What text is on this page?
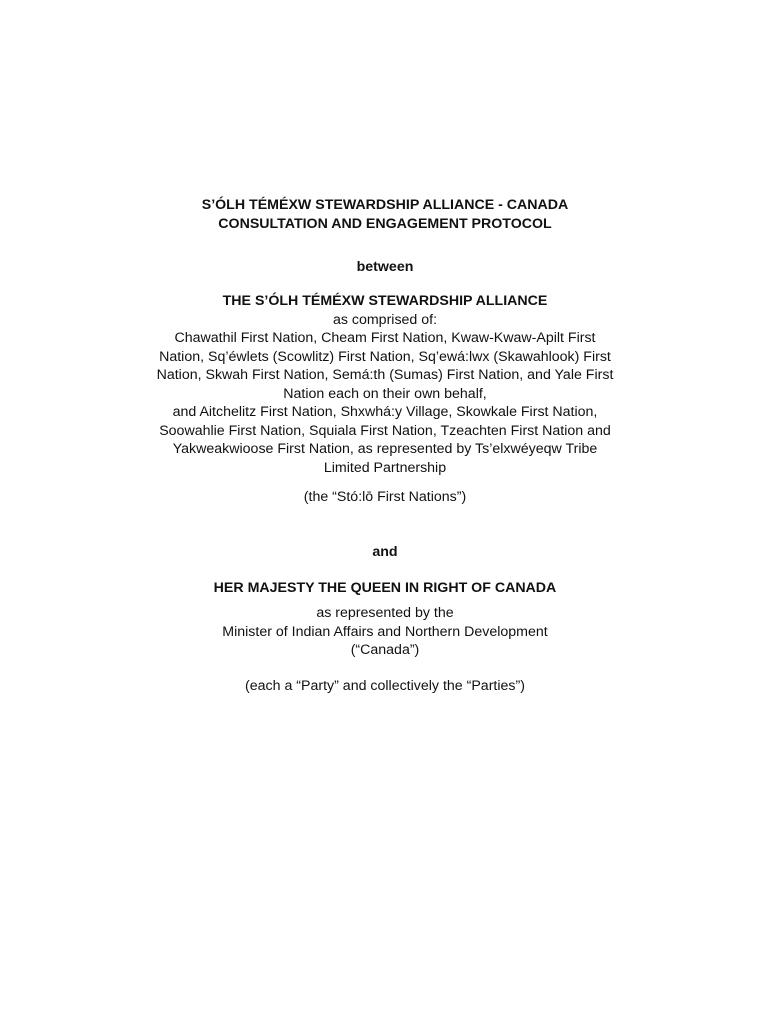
S’ÓLH TÉMÉXW STEWARDSHIP ALLIANCE - CANADA
CONSULTATION AND ENGAGEMENT PROTOCOL
between
THE S’ÓLH TÉMÉXW STEWARDSHIP ALLIANCE
as comprised of:
Chawathil First Nation, Cheam First Nation, Kwaw-Kwaw-Apilt First
Nation, Sq’éwlets (Scowlitz) First Nation, Sq’ewá:lwx (Skawahlook) First
Nation, Skwah First Nation, Semá:th (Sumas) First Nation, and Yale First
Nation each on their own behalf,
and Aitchelitz First Nation, Shxwhá:y Village, Skowkale First Nation,
Soowahlie First Nation, Squiala First Nation, Tzeachten First Nation and
Yakweakwioose First Nation, as represented by Ts’elxwéyeqw Tribe
Limited Partnership
(the “Stó:lō First Nations”)
and
HER MAJESTY THE QUEEN IN RIGHT OF CANADA
as represented by the
Minister of Indian Affairs and Northern Development
(“Canada”)
(each a “Party” and collectively the “Parties”)
